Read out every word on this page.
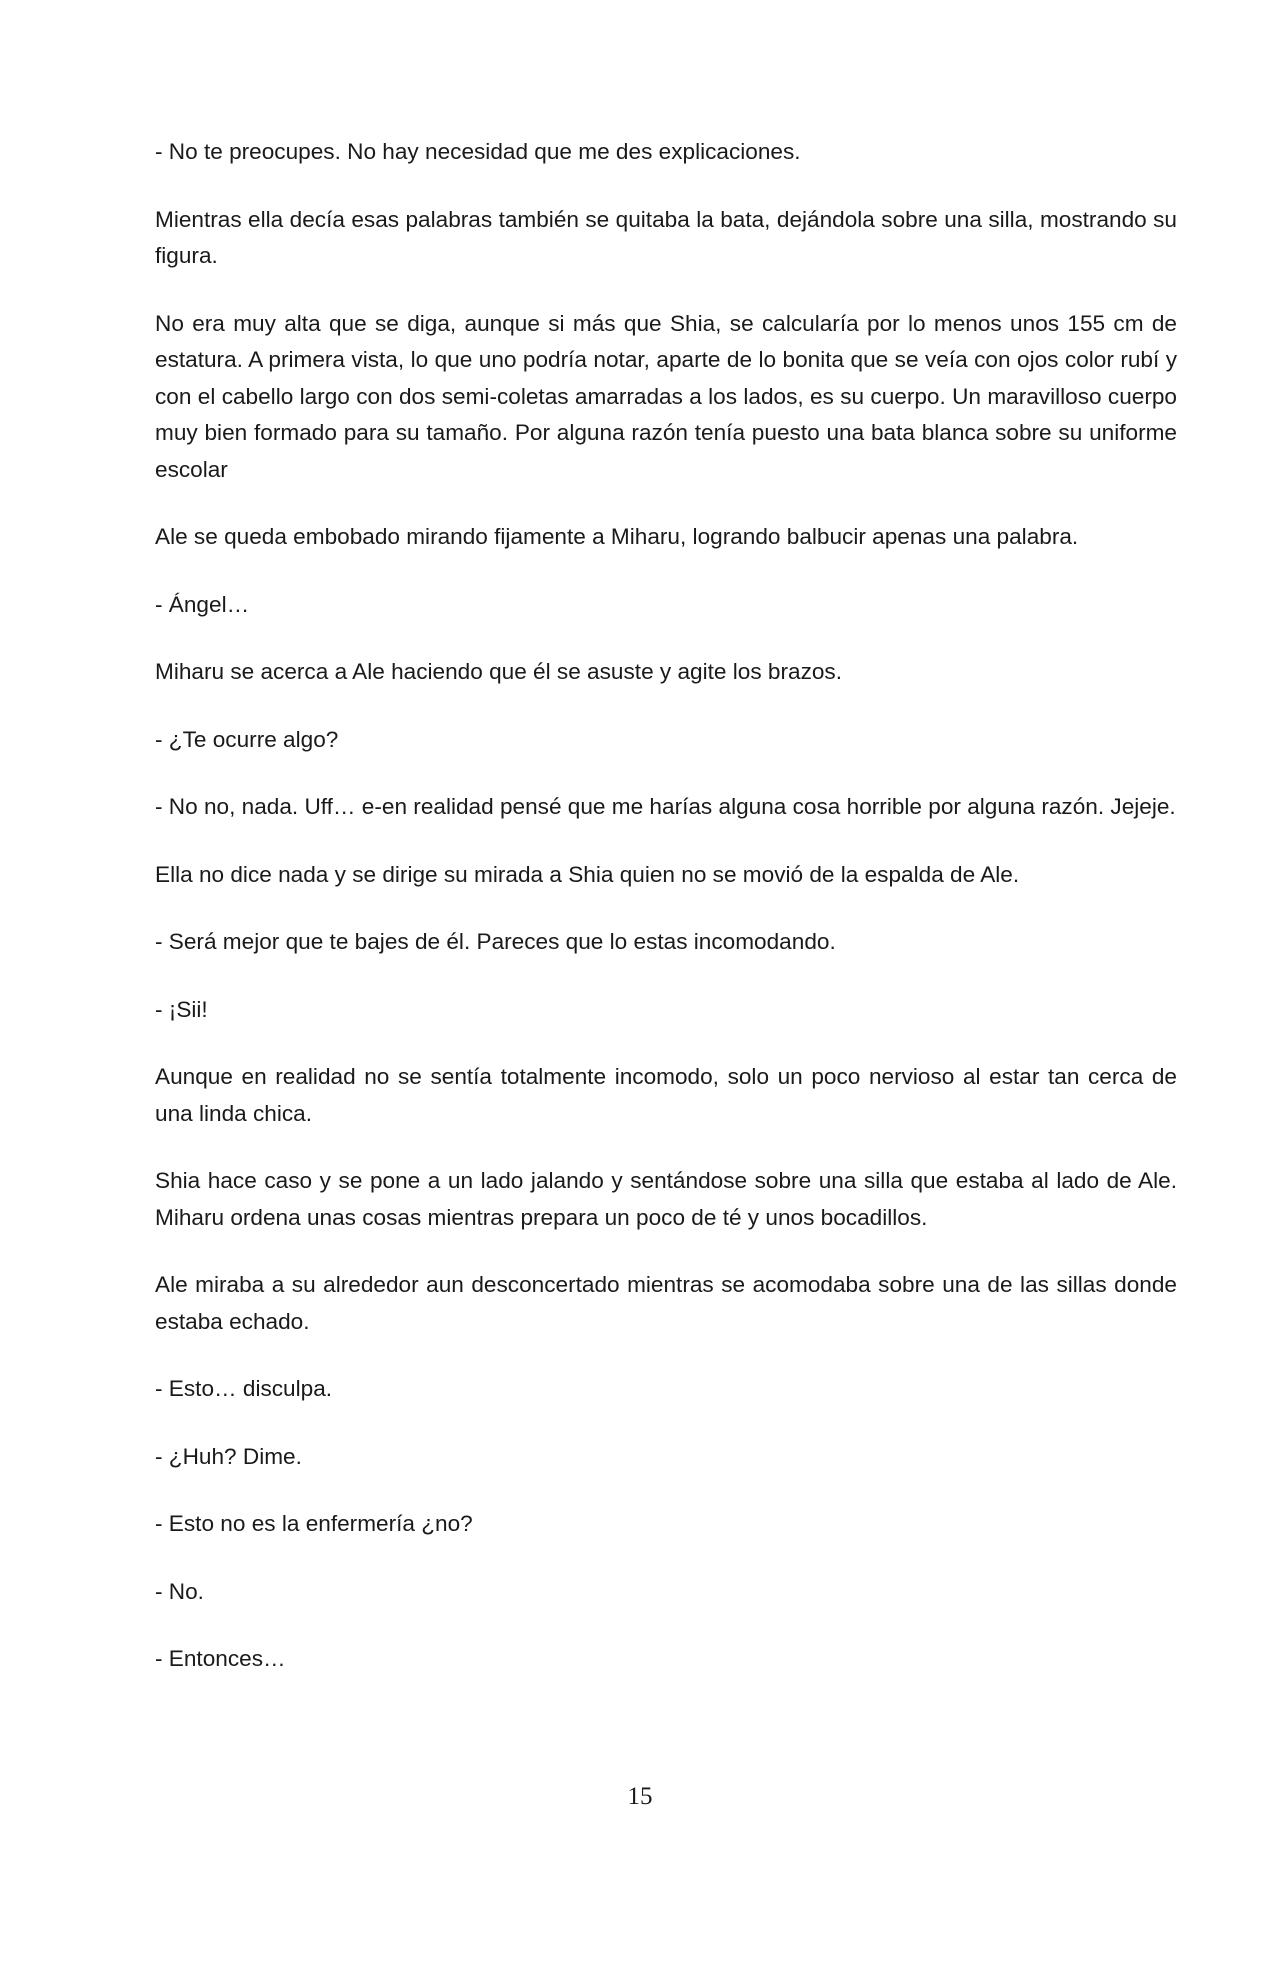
- No te preocupes. No hay necesidad que me des explicaciones.

Mientras ella decía esas palabras también se quitaba la bata, dejándola sobre una silla, mostrando su figura.

No era muy alta que se diga, aunque si más que Shia, se calcularía por lo menos unos 155 cm de estatura. A primera vista, lo que uno podría notar, aparte de lo bonita que se veía con ojos color rubí y con el cabello largo con dos semi-coletas amarradas a los lados, es su cuerpo. Un maravilloso cuerpo muy bien formado para su tamaño. Por alguna razón tenía puesto una bata blanca sobre su uniforme escolar

Ale se queda embobado mirando fijamente a Miharu, logrando balbucir apenas una palabra.

- Ángel…

Miharu se acerca a Ale haciendo que él se asuste y agite los brazos.

- ¿Te ocurre algo?

- No no, nada. Uff… e-en realidad pensé que me harías alguna cosa horrible por alguna razón. Jejeje.

Ella no dice nada y se dirige su mirada a Shia quien no se movió de la espalda de Ale.

- Será mejor que te bajes de él. Pareces que lo estas incomodando.

- ¡Sii!

Aunque en realidad no se sentía totalmente incomodo, solo un poco nervioso al estar tan cerca de una linda chica.

Shia hace caso y se pone a un lado jalando y sentándose sobre una silla que estaba al lado de Ale. Miharu ordena unas cosas mientras prepara un poco de té y unos bocadillos.

Ale miraba a su alrededor aun desconcertado mientras se acomodaba sobre una de las sillas donde estaba echado.

- Esto… disculpa.

- ¿Huh? Dime.

- Esto no es la enfermería ¿no?

- No.

- Entonces…

15
